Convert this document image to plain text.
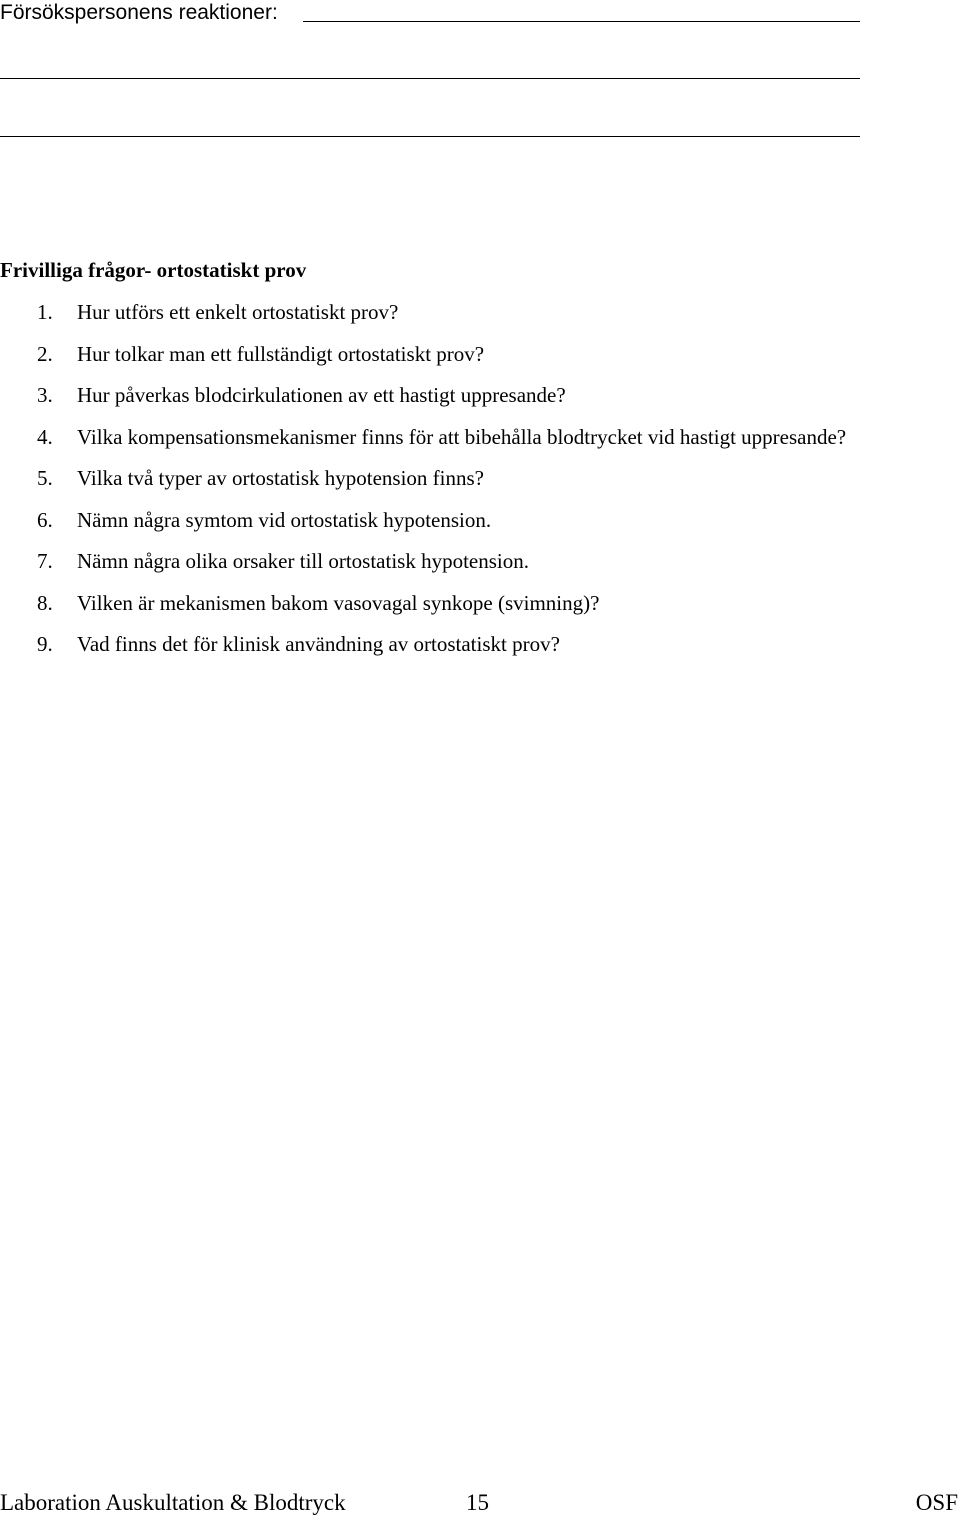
Försökspersonens reaktioner:
Frivilliga frågor- ortostatiskt prov
1. Hur utförs ett enkelt ortostatiskt prov?
2. Hur tolkar man ett fullständigt ortostatiskt prov?
3. Hur påverkas blodcirkulationen av ett hastigt uppresande?
4. Vilka kompensationsmekanismer finns för att bibehålla blodtrycket vid hastigt uppresande?
5. Vilka två typer av ortostatisk hypotension finns?
6. Nämn några symtom vid ortostatisk hypotension.
7. Nämn några olika orsaker till ortostatisk hypotension.
8. Vilken är mekanismen bakom vasovagal synkope (svimning)?
9. Vad finns det för klinisk användning av ortostatiskt prov?
Laboration Auskultation & Blodtryck	15	OSF
